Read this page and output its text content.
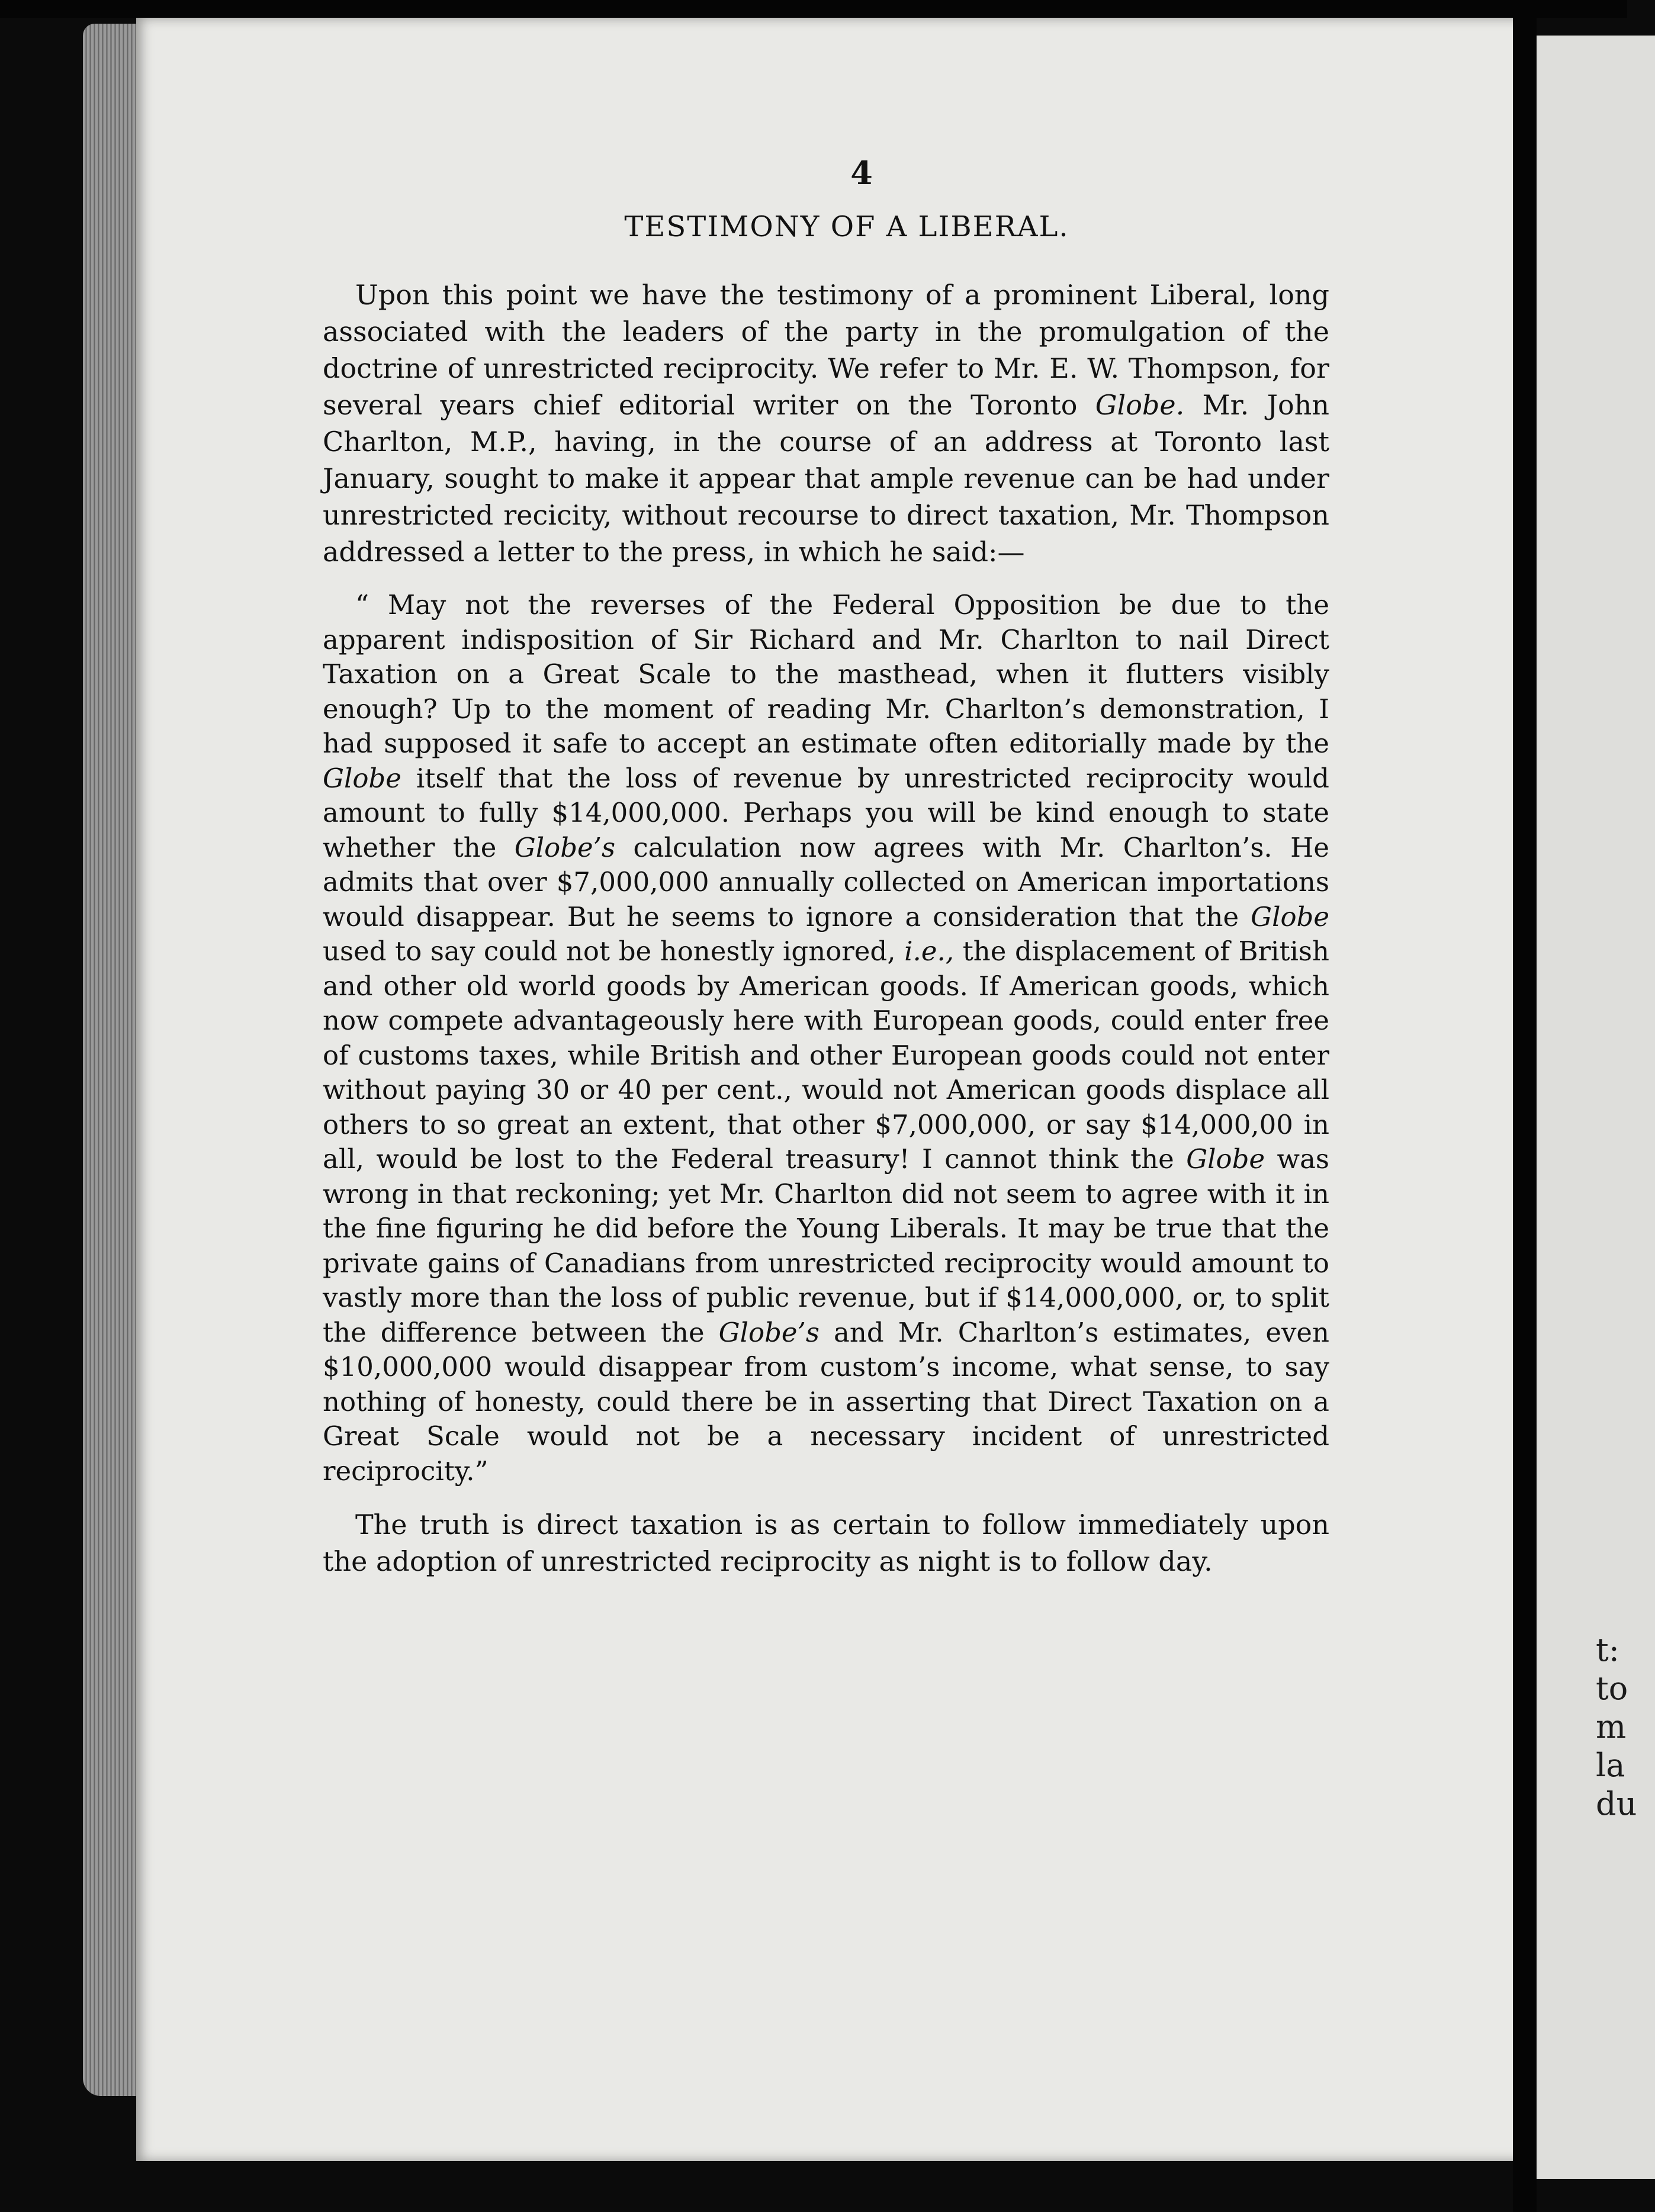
t:
to
m
la
du
4
TESTIMONY OF A LIBERAL.

Upon this point we have the testimony of a prominent Liberal, long associated with the leaders of the party in the promulgation of the doctrine of unrestricted reciprocity. We refer to Mr. E. W. Thompson, for several years chief editorial writer on the Toronto Globe. Mr. John Charlton, M.P., having, in the course of an address at Toronto last January, sought to make it appear that ample revenue can be had under unrestricted recicity, without recourse to direct taxation, Mr. Thompson addressed a letter to the press, in which he said:—

“ May not the reverses of the Federal Opposition be due to the apparent indisposition of Sir Richard and Mr. Charlton to nail Direct Taxation on a Great Scale to the masthead, when it flutters visibly enough? Up to the moment of reading Mr. Charlton’s demonstration, I had supposed it safe to accept an estimate often editorially made by the Globe itself that the loss of revenue by unrestricted reciprocity would amount to fully $14,000,000. Perhaps you will be kind enough to state whether the Globe’s calculation now agrees with Mr. Charlton’s. He admits that over $7,000,000 annually collected on American importations would disappear. But he seems to ignore a consideration that the Globe used to say could not be honestly ignored, i.e., the displacement of British and other old world goods by American goods. If American goods, which now compete advantageously here with European goods, could enter free of customs taxes, while British and other European goods could not enter without paying 30 or 40 per cent., would not American goods displace all others to so great an extent, that other $7,000,000, or say $14,000,00 in all, would be lost to the Federal treasury! I cannot think the Globe was wrong in that reckoning; yet Mr. Charlton did not seem to agree with it in the fine figuring he did before the Young Liberals. It may be true that the private gains of Canadians from unrestricted reciprocity would amount to vastly more than the loss of public revenue, but if $14,000,000, or, to split the difference between the Globe’s and Mr. Charlton’s estimates, even $10,000,000 would disappear from custom’s income, what sense, to say nothing of honesty, could there be in asserting that Direct Taxation on a Great Scale would not be a necessary incident of unrestricted reciprocity.”

The truth is direct taxation is as certain to follow immediately upon the adoption of unrestricted reciprocity as night is to follow day.
